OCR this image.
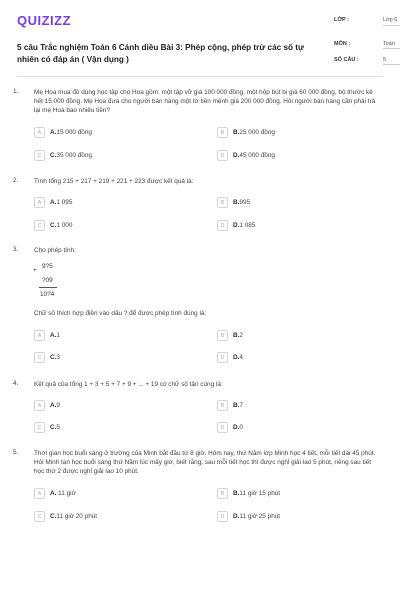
QUIZIZZ
5 câu Trắc nghiệm Toán 6 Cánh diều Bài 3: Phép cộng, phép trừ các số tự nhiên có đáp án ( Vận dụng )
LỚP :	Lớp 6
MÔN :	Toán
SỐ CÂU :	5
1. Mẹ Hoa mua đồ dùng học tập cho Hoa gồm: một tập vở giá 100 000 đồng, một hộp bút bi giá 60 000 đồng, bộ thước kẻ hết 15 000 đồng. Mẹ Hoa đưa cho người bán hàng một tờ tiền mệnh giá 200 000 đồng. Hỏi người bán hàng cần phải trả lại mẹ Hoa bao nhiêu tiền?
A	A.15 000 đồng	B	B.25 000 đồng
C	C.35 000 đồng	D	D.45 000 đồng
2. Tính tổng 215 + 217 + 219 + 221 + 223 được kết quả là:
A	A.1 095	B	B.995
C	C.1 000	D	D.1 085
3. Cho phép tính:
+
9?5
?09
10?4
Chữ số thích hợp điền vào dấu ? để được phép tính đúng là:
A	A.1	B	B.2
C	C.3	D	D.4
4. Kết quả của tổng 1 + 3 + 5 + 7 + 9 + ... + 19 có chữ số tận cùng là:
A	A.9	B	B.7
C	C.5	D	D.0
5. Thời gian học buổi sáng ở trường của Minh bắt đầu từ 8 giờ. Hôm nay, thứ Năm lớp Minh học 4 tiết, mỗi tiết dài 45 phút. Hỏi Minh tan học buổi sáng thứ Năm lúc mấy giờ, biết rằng, sau mỗi tiết học thì được nghỉ giải lao 5 phút, riêng sau tiết học thứ 2 được nghỉ giải lao 10 phút.
A	A. 11 giờ	B	B.11 giờ 15 phút
C	C.11 giờ 20 phút	D	D.11 giờ 25 phút
